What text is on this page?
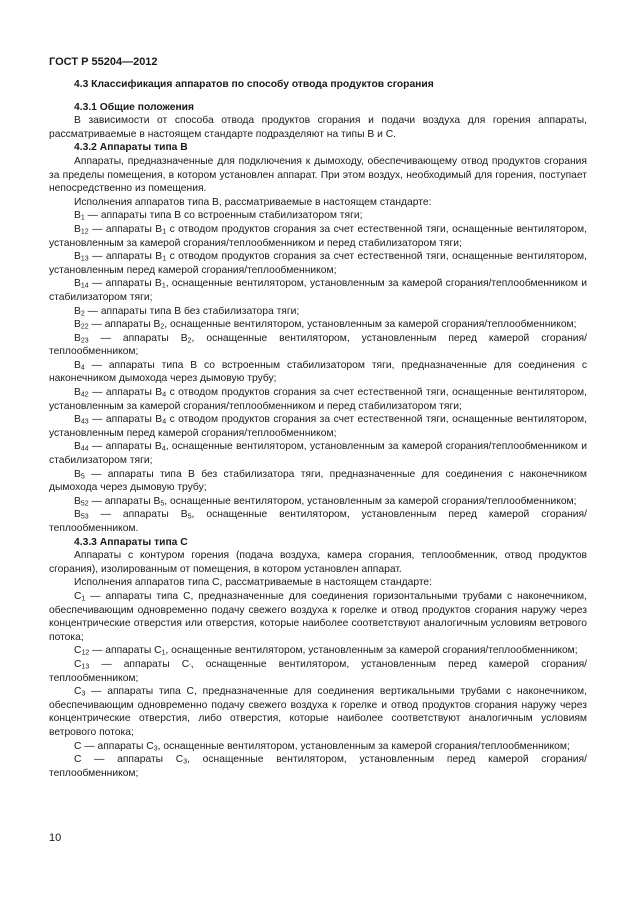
ГОСТ Р 55204—2012

4.3 Классификация аппаратов по способу отвода продуктов сгорания

4.3.1 Общие положения

В зависимости от способа отвода продуктов сгорания и подачи воздуха для горения аппараты, рассматриваемые в настоящем стандарте подразделяют на типы В и С.

4.3.2 Аппараты типа В

Аппараты, предназначенные для подключения к дымоходу, обеспечивающему отвод продуктов сгорания за пределы помещения, в котором установлен аппарат. При этом воздух, необходимый для горения, поступает непосредственно из помещения.

Исполнения аппаратов типа В, рассматриваемые в настоящем стандарте:

$В_1$ — аппараты типа В со встроенным стабилизатором тяги;

$В_{12}$ — аппараты $В_1$ с отводом продуктов сгорания за счет естественной тяги, оснащенные вентилятором, установленным за камерой сгорания/теплообменником и перед стабилизатором тяги;

$В_{13}$ — аппараты $В_1$ с отводом продуктов сгорания за счет естественной тяги, оснащенные вентилятором, установленным перед камерой сгорания/теплообменником;

$В_{14}$ — аппараты $В_1$, оснащенные вентилятором, установленным за камерой сгорания/теплообменником и стабилизатором тяги;

$В_2$ — аппараты типа В без стабилизатора тяги;

$В_{22}$ — аппараты $В_2$, оснащенные вентилятором, установленным за камерой сгорания/теплообменником;

$В_{23}$ — аппараты $В_2$, оснащенные вентилятором, установленным перед камерой сгорания/теплообменником;

$В_4$ — аппараты типа В со встроенным стабилизатором тяги, предназначенные для соединения с наконечником дымохода через дымовую трубу;

$В_{42}$ — аппараты $В_4$ с отводом продуктов сгорания за счет естественной тяги, оснащенные вентилятором, установленным за камерой сгорания/теплообменником и перед стабилизатором тяги;

$В_{43}$ — аппараты $В_4$ с отводом продуктов сгорания за счет естественной тяги, оснащенные вентилятором, установленным перед камерой сгорания/теплообменником;

$В_{44}$ — аппараты $В_4$, оснащенные вентилятором, установленным за камерой сгорания/теплообменником и стабилизатором тяги;

$В_5$ — аппараты типа В без стабилизатора тяги, предназначенные для соединения с наконечником дымохода через дымовую трубу;

$В_{52}$ — аппараты $В_5$, оснащенные вентилятором, установленным за камерой сгорания/теплообменником;

$В_{53}$ — аппараты $В_5$, оснащенные вентилятором, установленным перед камерой сгорания/теплообменником.

4.3.3 Аппараты типа С

Аппараты с контуром горения (подача воздуха, камера сгорания, теплообменник, отвод продуктов сгорания), изолированным от помещения, в котором установлен аппарат.

Исполнения аппаратов типа С, рассматриваемые в настоящем стандарте:

$С_1$ — аппараты типа С, предназначенные для соединения горизонтальными трубами с наконечником, обеспечивающим одновременно подачу свежего воздуха к горелке и отвод продуктов сгорания наружу через концентрические отверстия или отверстия, которые наиболее соответствуют аналогичным условиям ветрового потока;

$С_{12}$ — аппараты $С_1$, оснащенные вентилятором, установленным за камерой сгорания/теплообменником;

$С_{13}$ — аппараты $С_‘$, оснащенные вентилятором, установленным перед камерой сгорания/теплообменником;

$С_3$ — аппараты типа С, предназначенные для соединения вертикальными трубами с наконечником, обеспечивающим одновременно подачу свежего воздуха к горелке и отвод продуктов сгорания наружу через концентрические отверстия, либо отверстия, которые наиболее соответствуют аналогичным условиям ветрового потока;

С — аппараты $С_3$, оснащенные вентилятором, установленным за камерой сгорания/теплообменником;

С — аппараты $С_3$, оснащенные вентилятором, установленным перед камерой сгорания/теплообменником;

10
